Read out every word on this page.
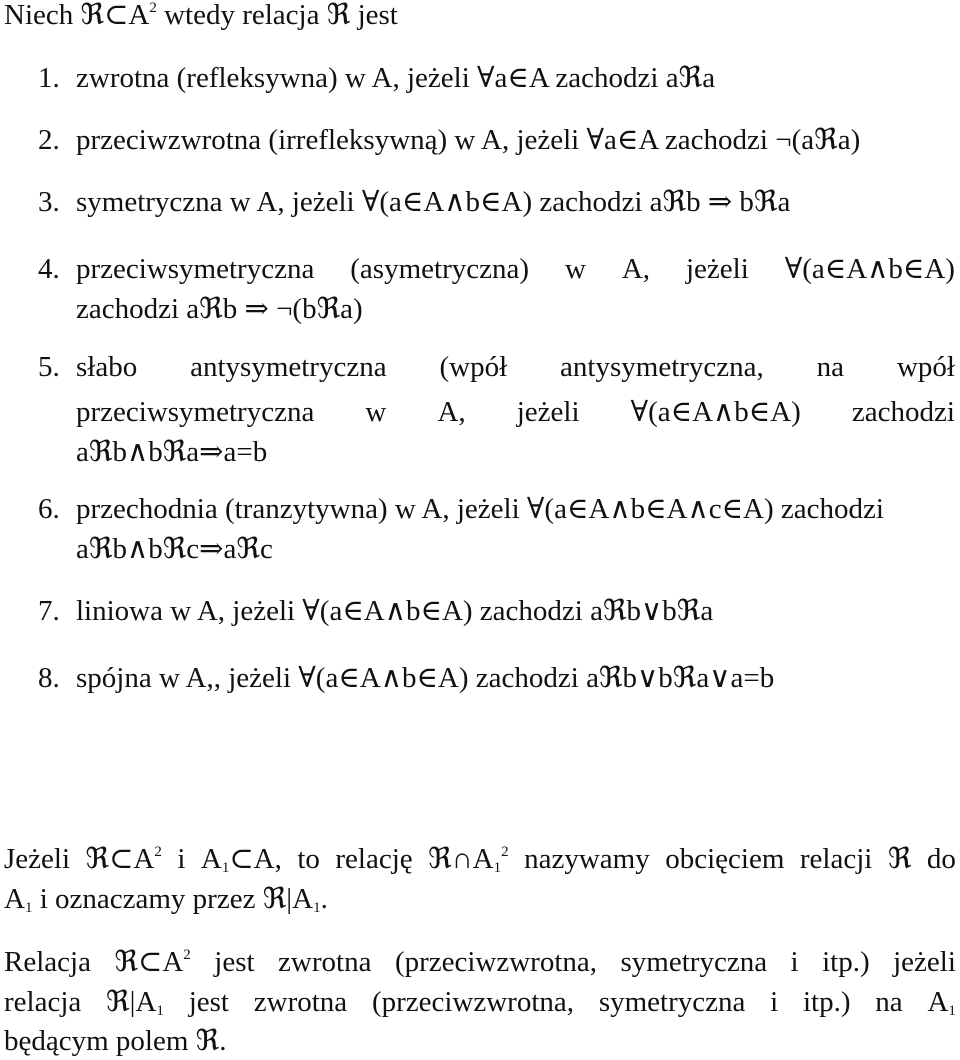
Niech $ℜ\subset A^2$ wtedy relacja ℜ jest
1. zwrotna (refleksywna) w A, jeżeli ∀a∈A zachodzi aℜa
2. przeciwzwrotna (irrefleksywną) w A, jeżeli ∀a∈A zachodzi ¬(aℜa)
3. symetryczna w A, jeżeli ∀(a∈A∧b∈A) zachodzi aℜb ⇒ bℜa
4. przeciwsymetryczna (asymetryczna) w A, jeżeli ∀(a∈A∧b∈A)
zachodzi aℜb ⇒ ¬(bℜa)
5. słabo antysymetryczna (wpół antysymetryczna, na wpół
przeciwsymetryczna w A, jeżeli ∀(a∈A∧b∈A) zachodzi
aℜb∧bℜa⇒a=b
6. przechodnia (tranzytywna) w A, jeżeli ∀(a∈A∧b∈A∧c∈A) zachodzi
aℜb∧bℜc⇒aℜc
7. liniowa w A, jeżeli ∀(a∈A∧b∈A) zachodzi aℜb∨bℜa
8. spójna w A,, jeżeli ∀(a∈A∧b∈A) zachodzi aℜb∨bℜa∨a=b
Jeżeli $ℜ\subset A^2$ i $A_1\subset A$, to relację $ℜ\cap A_1^2$ nazywamy obcięciem relacji ℜ do
$A_1$ i oznaczamy przez $ℜ|A_1$.
Relacja $ℜ\subset A^2$ jest zwrotna (przeciwzwrotna, symetryczna i itp.) jeżeli
relacja $ℜ|A_1$ jest zwrotna (przeciwzwrotna, symetryczna i itp.) na $A_1$
będącym polem ℜ.
